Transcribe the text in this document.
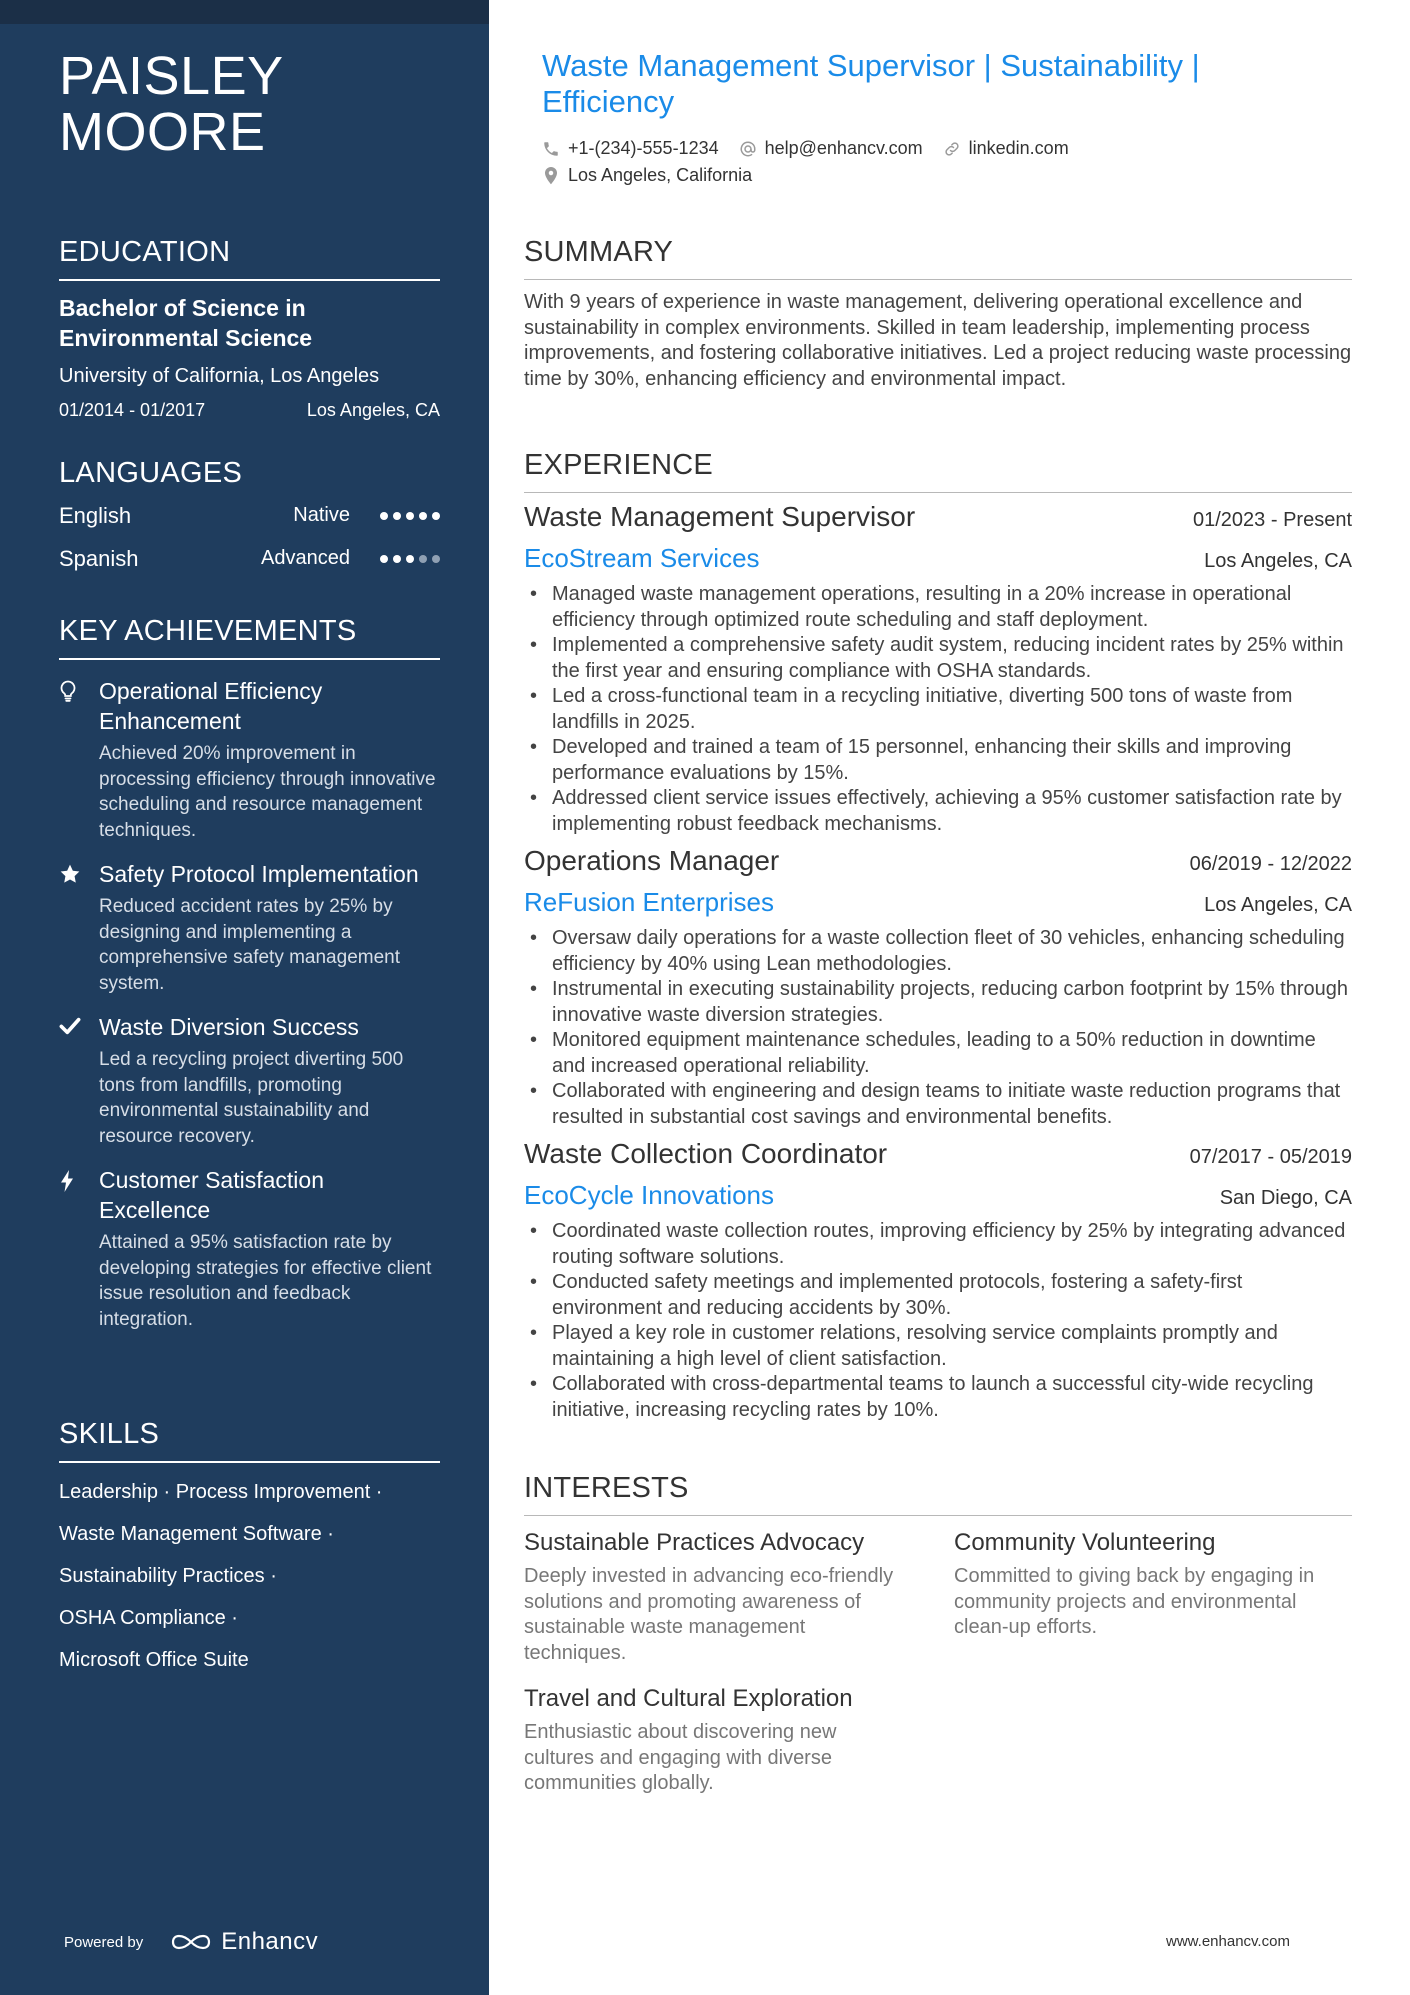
PAISLEY
MOORE
EDUCATION
Bachelor of Science in Environmental Science
University of California, Los Angeles
01/2014 - 01/2017	Los Angeles, CA
LANGUAGES
English	Native
Spanish	Advanced
KEY ACHIEVEMENTS
Operational Efficiency Enhancement
Achieved 20% improvement in processing efficiency through innovative scheduling and resource management techniques.
Safety Protocol Implementation
Reduced accident rates by 25% by designing and implementing a comprehensive safety management system.
Waste Diversion Success
Led a recycling project diverting 500 tons from landfills, promoting environmental sustainability and resource recovery.
Customer Satisfaction Excellence
Attained a 95% satisfaction rate by developing strategies for effective client issue resolution and feedback integration.
SKILLS
Leadership · Process Improvement ·
Waste Management Software ·
Sustainability Practices ·
OSHA Compliance ·
Microsoft Office Suite
Powered by	Enhancv
Waste Management Supervisor | Sustainability | Efficiency
+1-(234)-555-1234	help@enhancv.com	linkedin.com
Los Angeles, California
SUMMARY
With 9 years of experience in waste management, delivering operational excellence and sustainability in complex environments. Skilled in team leadership, implementing process improvements, and fostering collaborative initiatives. Led a project reducing waste processing time by 30%, enhancing efficiency and environmental impact.
EXPERIENCE
Waste Management Supervisor	01/2023 - Present
EcoStream Services	Los Angeles, CA
• Managed waste management operations, resulting in a 20% increase in operational efficiency through optimized route scheduling and staff deployment.
• Implemented a comprehensive safety audit system, reducing incident rates by 25% within the first year and ensuring compliance with OSHA standards.
• Led a cross-functional team in a recycling initiative, diverting 500 tons of waste from landfills in 2025.
• Developed and trained a team of 15 personnel, enhancing their skills and improving performance evaluations by 15%.
• Addressed client service issues effectively, achieving a 95% customer satisfaction rate by implementing robust feedback mechanisms.
Operations Manager	06/2019 - 12/2022
ReFusion Enterprises	Los Angeles, CA
• Oversaw daily operations for a waste collection fleet of 30 vehicles, enhancing scheduling efficiency by 40% using Lean methodologies.
• Instrumental in executing sustainability projects, reducing carbon footprint by 15% through innovative waste diversion strategies.
• Monitored equipment maintenance schedules, leading to a 50% reduction in downtime and increased operational reliability.
• Collaborated with engineering and design teams to initiate waste reduction programs that resulted in substantial cost savings and environmental benefits.
Waste Collection Coordinator	07/2017 - 05/2019
EcoCycle Innovations	San Diego, CA
• Coordinated waste collection routes, improving efficiency by 25% by integrating advanced routing software solutions.
• Conducted safety meetings and implemented protocols, fostering a safety-first environment and reducing accidents by 30%.
• Played a key role in customer relations, resolving service complaints promptly and maintaining a high level of client satisfaction.
• Collaborated with cross-departmental teams to launch a successful city-wide recycling initiative, increasing recycling rates by 10%.
INTERESTS
Sustainable Practices Advocacy
Deeply invested in advancing eco-friendly solutions and promoting awareness of sustainable waste management techniques.
Community Volunteering
Committed to giving back by engaging in community projects and environmental clean-up efforts.
Travel and Cultural Exploration
Enthusiastic about discovering new cultures and engaging with diverse communities globally.
www.enhancv.com
